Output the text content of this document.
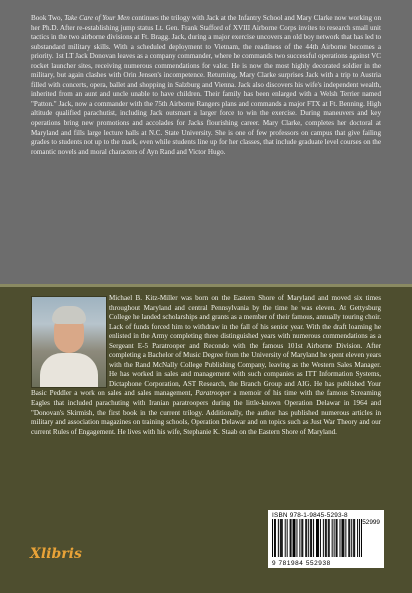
Book Two, Take Care of Your Men continues the trilogy with Jack at the Infantry School and Mary Clarke now working on her Ph.D. After re-establishing jump status Lt. Gen. Frank Stafford of XVIII Airborne Corps invites to research small unit tactics in the two airborne divisions at Ft. Bragg. Jack, during a major exercise uncovers an old boy network that has led to substandard military skills. With a scheduled deployment to Vietnam, the readiness of the 44th Airborne becomes a priority. 1st LT Jack Donovan leaves as a company commander, where he commands two successful operations against VC rocket launcher sites, receiving numerous commendations for valor. He is now the most highly decorated soldier in the military, but again clashes with Orin Jensen's incompetence. Returning, Mary Clarke surprises Jack with a trip to Austria filled with concerts, opera, ballet and shopping in Salzburg and Vienna. Jack also discovers his wife's independent wealth, inherited from an aunt and uncle unable to have children. Their family has been enlarged with a Welsh Terrier named "Patton." Jack, now a commander with the 75th Airborne Rangers plans and commands a major FTX at Ft. Benning. High altitude qualified parachutist, including Jack outsmart a larger force to win the exercise. During maneuvers and key operations bring new promotions and accolades for Jacks flourishing career. Mary Clarke, completes her doctoral at Maryland and fills large lecture halls at N.C. State University. She is one of few professors on campus that give failing grades to students not up to the mark, even while students line up for her classes, that include graduate level courses on the romantic novels and moral characters of Ayn Rand and Victor Hugo.

Michael B. Kitz-Miller was born on the Eastern Shore of Maryland and moved six times throughout Maryland and central Pennsylvania by the time he was eleven. At Gettysburg College he landed scholarships and grants as a member of their famous, annually touring choir. Lack of funds forced him to withdraw in the fall of his senior year. With the draft loaming he enlisted in the Army completing three distinguished years with numerous commendations as a Sergeant E-5 Paratrooper and Recondo with the famous 101st Airborne Division. After completing a Bachelor of Music Degree from the University of Maryland he spent eleven years with the Rand McNally College Publishing Company, leaving as the Western Sales Manager. He has worked in sales and management with such companies as ITT Information Systems, Dictaphone Corporation, AST Research, the Branch Group and AIG. He has published Your Basic Peddler a work on sales and sales management, Paratrooper a memoir of his time with the famous Screaming Eagles that included parachuting with Iranian paratroopers during the little-known Operation Delawar in 1964 and "Donovan's Skirmish, the first book in the current trilogy. Additionally, the author has published numerous articles in military and association magazines on training schools, Operation Delawar and on topics such as Just War Theory and our current Rules of Engagement. He lives with his wife, Stephanie K. Staab on the Eastern Shore of Maryland.

ISBN 978-1-9845-5293-8
52999
9 781984 552938
Xlibris
